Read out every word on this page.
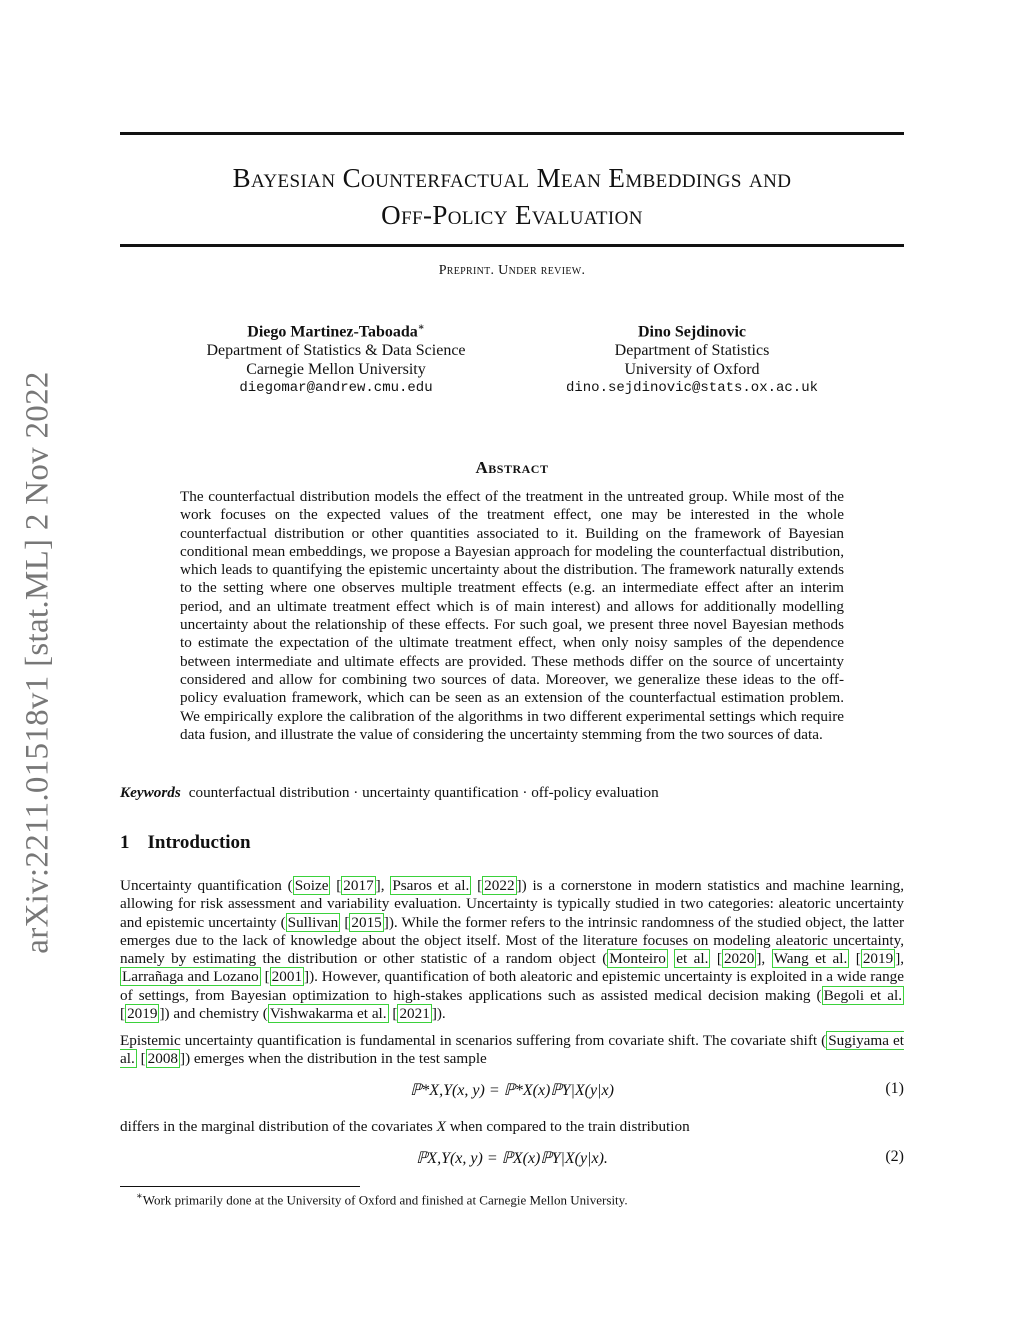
arXiv:2211.01518v1 [stat.ML] 2 Nov 2022
Bayesian Counterfactual Mean Embeddings and
Off-Policy Evaluation
Preprint. Under review.
Diego Martinez-Taboada∗
Department of Statistics & Data Science
Carnegie Mellon University
diegomar@andrew.cmu.edu
Dino Sejdinovic
Department of Statistics
University of Oxford
dino.sejdinovic@stats.ox.ac.uk
Abstract

The counterfactual distribution models the effect of the treatment in the untreated group. While most of the work focuses on the expected values of the treatment effect, one may be interested in the whole counterfactual distribution or other quantities associated to it. Building on the framework of Bayesian conditional mean embeddings, we propose a Bayesian approach for modeling the counterfactual distribution, which leads to quantifying the epistemic uncertainty about the distribution. The framework naturally extends to the setting where one observes multiple treatment effects (e.g. an intermediate effect after an interim period, and an ultimate treatment effect which is of main interest) and allows for additionally modelling uncertainty about the relationship of these effects. For such goal, we present three novel Bayesian methods to estimate the expectation of the ultimate treatment effect, when only noisy samples of the dependence between intermediate and ultimate effects are provided. These methods differ on the source of uncertainty considered and allow for combining two sources of data. Moreover, we generalize these ideas to the off-policy evaluation framework, which can be seen as an extension of the counterfactual estimation problem. We empirically explore the calibration of the algorithms in two different experimental settings which require data fusion, and illustrate the value of considering the uncertainty stemming from the two sources of data.

Keywords counterfactual distribution · uncertainty quantification · off-policy evaluation
1 Introduction

Uncertainty quantification ( Soize [ 2017 ], Psaros et al. [ 2022 ]) is a cornerstone in modern statistics and machine learning, allowing for risk assessment and variability evaluation. Uncertainty is typically studied in two categories: aleatoric uncertainty and epistemic uncertainty ( Sullivan [ 2015 ]). While the former refers to the intrinsic randomness of the studied object, the latter emerges due to the lack of knowledge about the object itself. Most of the literature focuses on modeling aleatoric uncertainty, namely by estimating the distribution or other statistic of a random object ( Monteiro et al. [ 2020 ], Wang et al. [ 2019 ], Larrañaga and Lozano [ 2001 ]). However, quantification of both aleatoric and epistemic uncertainty is exploited in a wide range of settings, from Bayesian optimization to high-stakes applications such as assisted medical decision making ( Begoli et al. [ 2019 ]) and chemistry ( Vishwakarma et al. [ 2021 ]).

Epistemic uncertainty quantification is fundamental in scenarios suffering from covariate shift. The covariate shift ( Sugiyama et al. [ 2008 ]) emerges when the distribution in the test sample

ℙ*X,Y(x, y) = ℙ*X(x)ℙY|X(y|x)	(1)

differs in the marginal distribution of the covariates X when compared to the train distribution

ℙX,Y(x, y) = ℙX(x)ℙY|X(y|x).	(2)
∗Work primarily done at the University of Oxford and finished at Carnegie Mellon University.
